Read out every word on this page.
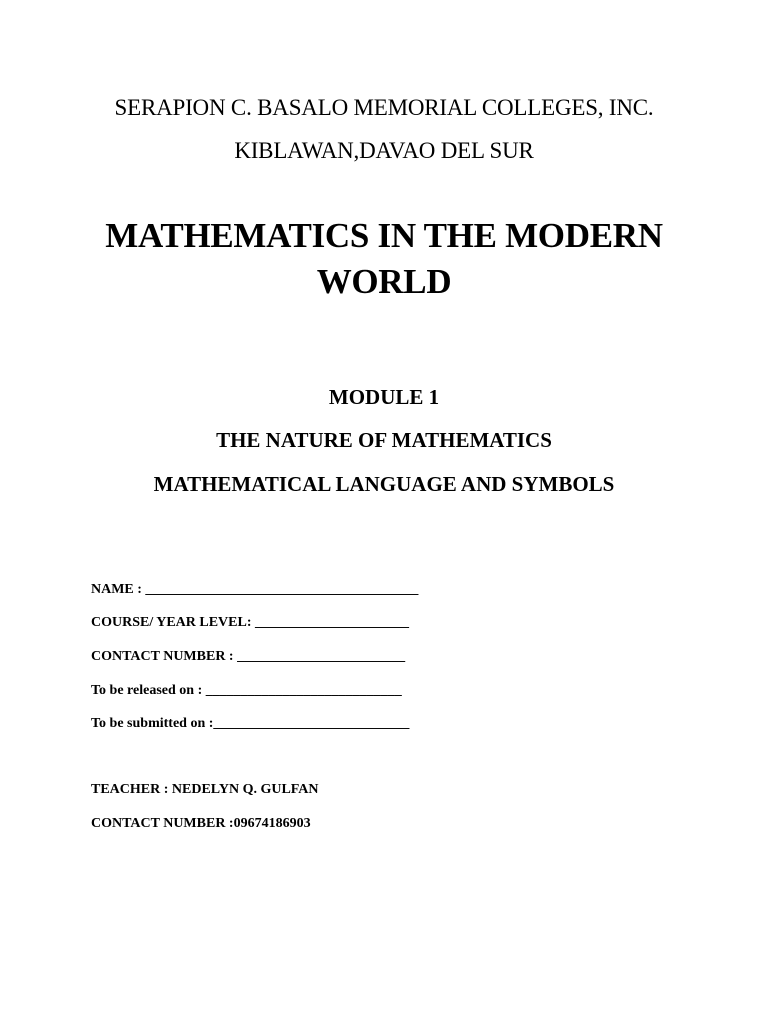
SERAPION C. BASALO MEMORIAL COLLEGES, INC.
KIBLAWAN,DAVAO DEL SUR
MATHEMATICS IN THE MODERN
WORLD
MODULE 1
THE NATURE OF MATHEMATICS
MATHEMATICAL LANGUAGE AND SYMBOLS
NAME : _______________________________________
COURSE/ YEAR LEVEL: ______________________
CONTACT NUMBER : ________________________
To be released on : ____________________________
To be submitted on :____________________________
TEACHER : NEDELYN Q. GULFAN
CONTACT NUMBER :09674186903
